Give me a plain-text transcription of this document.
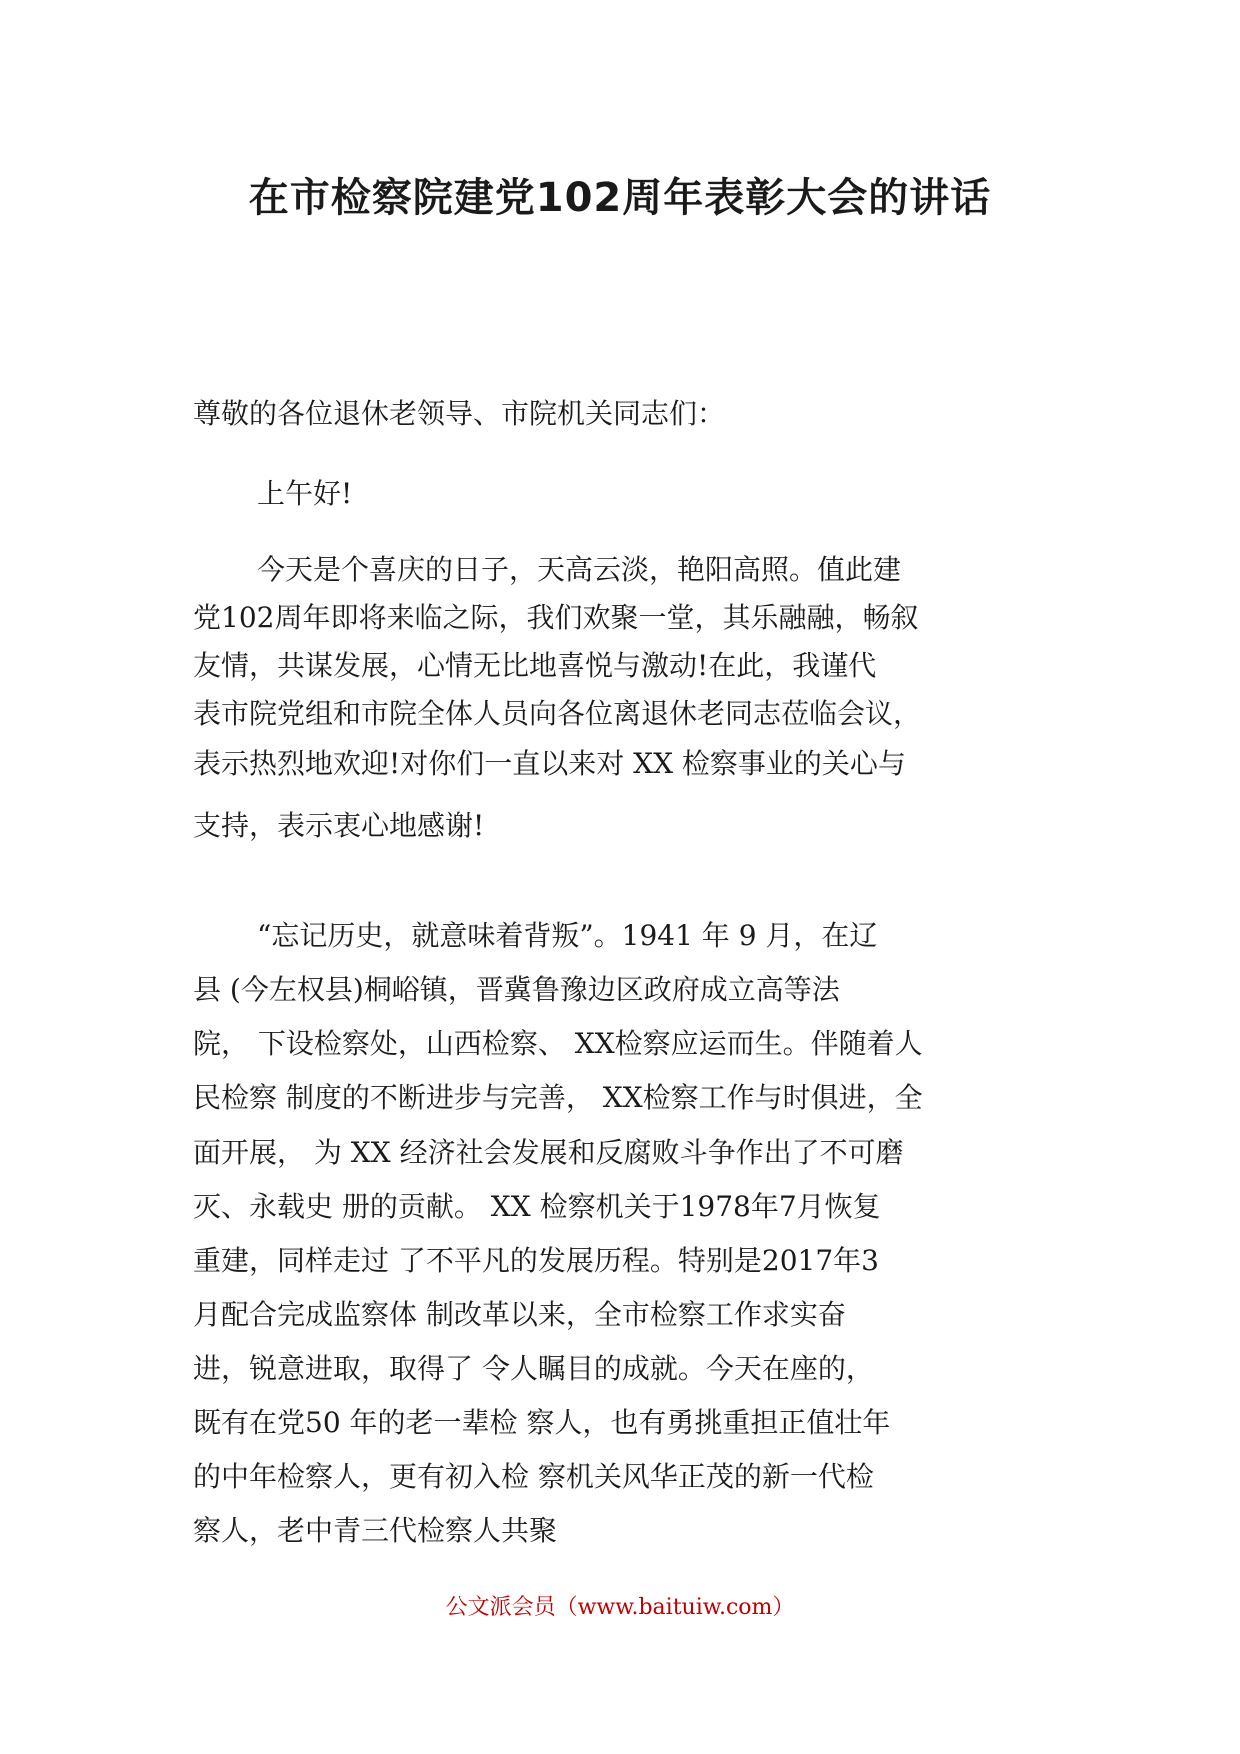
在市检察院建党102周年表彰大会的讲话
尊敬的各位退休老领导、市院机关同志们：
上午好!
今天是个喜庆的日子，天高云淡，艳阳高照。值此建
党102周年即将来临之际，我们欢聚一堂，其乐融融，畅叙
友情，共谋发展，心情无比地喜悦与激动!在此，我谨代
表市院党组和市院全体人员向各位离退休老同志莅临会议，
表示热烈地欢迎!对你们一直以来对 XX 检察事业的关心与
支持，表示衷心地感谢!
“忘记历史，就意味着背叛”。1941 年 9 月，在辽
县 (今左权县)桐峪镇，晋冀鲁豫边区政府成立高等法
院， 下设检察处，山西检察、 XX检察应运而生。伴随着人
民检察 制度的不断进步与完善， XX检察工作与时俱进，全
面开展， 为 XX 经济社会发展和反腐败斗争作出了不可磨
灭、永载史 册的贡献。 XX 检察机关于1978年7月恢复
重建，同样走过 了不平凡的发展历程。特别是2017年3
月配合完成监察体 制改革以来，全市检察工作求实奋
进，锐意进取，取得了 令人瞩目的成就。今天在座的，
既有在党50 年的老一辈检 察人，也有勇挑重担正值壮年
的中年检察人，更有初入检 察机关风华正茂的新一代检
察人，老中青三代检察人共聚
公文派会员（www.baituiw.com）
